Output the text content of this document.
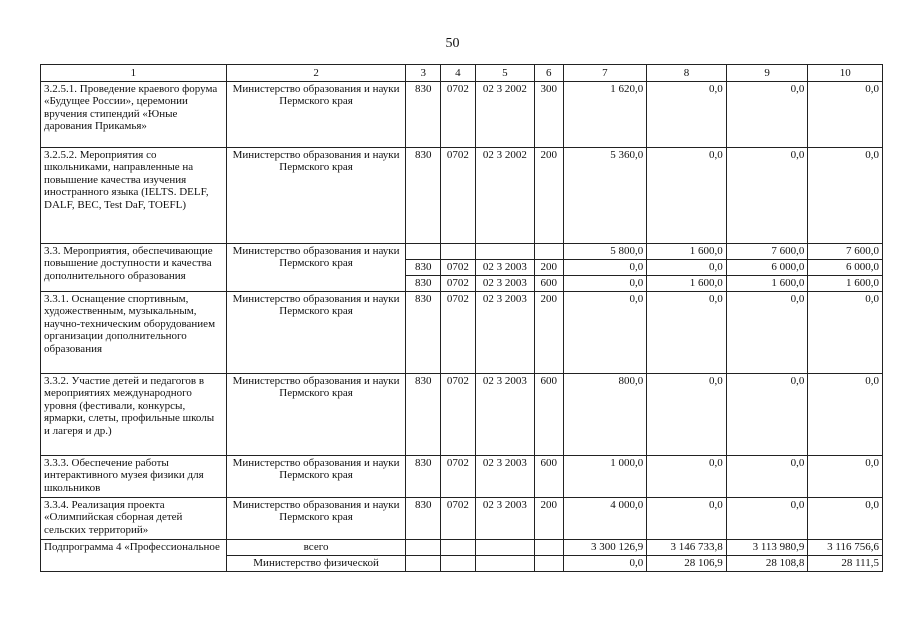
50
1	2	3	4	5	6	7	8	9	10
3.2.5.1. Проведение краевого форума «Будущее России», церемонии вручения стипендий «Юные дарования Прикамья»	Министерство образования и науки Пермского края	830	0702	02 3 2002	300	1 620,0	0,0	0,0	0,0
3.2.5.2. Мероприятия со школьниками, направленные на повышение качества изучения иностранного языка (IELTS. DELF, DALF, BEC, Test DaF, TOEFL)	Министерство образования и науки Пермского края	830	0702	02 3 2002	200	5 360,0	0,0	0,0	0,0
3.3. Мероприятия, обеспечивающие повышение доступности и качества дополнительного образования	Министерство образования и науки Пермского края					5 800,0	1 600,0	7 600,0	7 600,0
		830	0702	02 3 2003	200	0,0	0,0	6 000,0	6 000,0
		830	0702	02 3 2003	600	0,0	1 600,0	1 600,0	1 600,0
3.3.1. Оснащение спортивным, художественным, музыкальным, научно-техническим оборудованием организации дополнительного образования	Министерство образования и науки Пермского края	830	0702	02 3 2003	200	0,0	0,0	0,0	0,0
3.3.2. Участие детей и педагогов в мероприятиях международного уровня (фестивали, конкурсы, ярмарки, слеты, профильные школы и лагеря и др.)	Министерство образования и науки Пермского края	830	0702	02 3 2003	600	800,0	0,0	0,0	0,0
3.3.3. Обеспечение работы интерактивного музея физики для школьников	Министерство образования и науки Пермского края	830	0702	02 3 2003	600	1 000,0	0,0	0,0	0,0
3.3.4. Реализация проекта «Олимпийская сборная детей сельских территорий»	Министерство образования и науки Пермского края	830	0702	02 3 2003	200	4 000,0	0,0	0,0	0,0
Подпрограмма 4 «Профессиональное	всего					3 300 126,9	3 146 733,8	3 113 980,9	3 116 756,6
	Министерство физической					0,0	28 106,9	28 108,8	28 111,5
